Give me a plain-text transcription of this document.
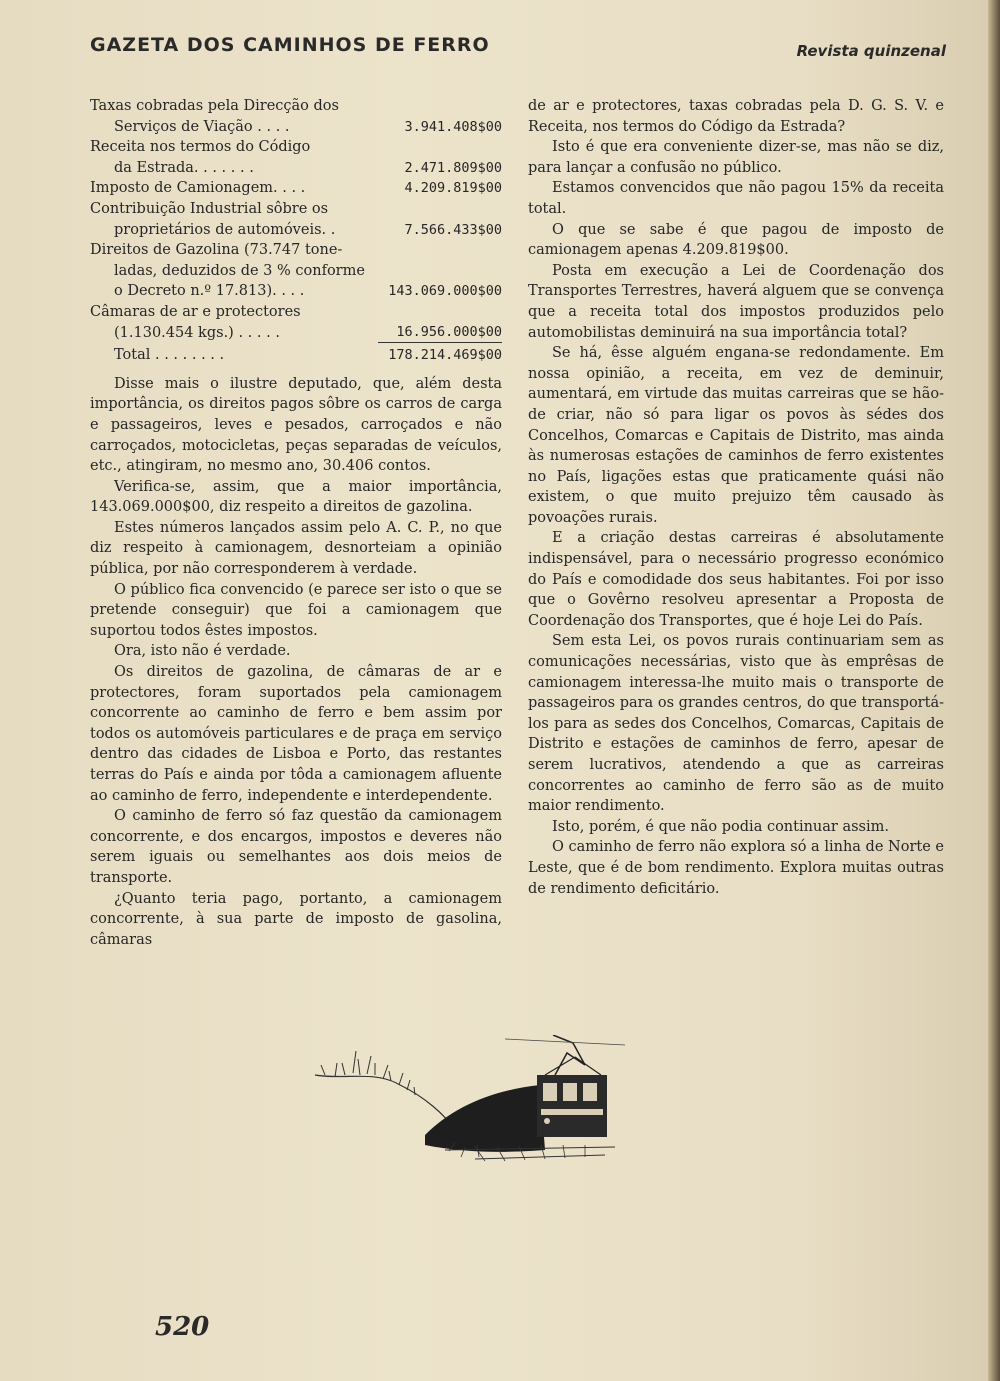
GAZETA DOS CAMINHOS DE FERRO	Revista quinzenal
Taxas cobradas pela Direcção dos
Serviços de Viação . . . .	3.941.408$00
Receita nos termos do Código
da Estrada. . . . . . .	2.471.809$00
Imposto de Camionagem. . . .	4.209.819$00
Contribuição Industrial sôbre os
proprietários de automóveis. .	7.566.433$00
Direitos de Gazolina (73.747 tone-
ladas, deduzidos de 3 % conforme
o Decreto n.º 17.813). . . .	143.069.000$00
Câmaras de ar e protectores
(1.130.454 kgs.) . . . . .	16.956.000$00
Total . . . . . . . .	178.214.469$00

Disse mais o ilustre deputado, que, além desta importância, os direitos pagos sôbre os carros de carga e passageiros, leves e pesados, carroçados e não carroçados, motocicletas, peças separadas de veículos, etc., atingiram, no mesmo ano, 30.406 contos.

Verifica-se, assim, que a maior importância, 143.069.000$00, diz respeito a direitos de gazolina.

Estes números lançados assim pelo A. C. P., no que diz respeito à camionagem, desnorteiam a opinião pública, por não corresponderem à verdade.

O público fica convencido (e parece ser isto o que se pretende conseguir) que foi a camionagem que suportou todos êstes impostos.

Ora, isto não é verdade.

Os direitos de gazolina, de câmaras de ar e protectores, foram suportados pela camionagem concorrente ao caminho de ferro e bem assim por todos os automóveis particulares e de praça em serviço dentro das cidades de Lisboa e Porto, das restantes terras do País e ainda por tôda a camionagem afluente ao caminho de ferro, independente e interdependente.

O caminho de ferro só faz questão da camionagem concorrente, e dos encargos, impostos e deveres não serem iguais ou semelhantes aos dois meios de transporte.

¿Quanto teria pago, portanto, a camionagem concorrente, à sua parte de imposto de gasolina, câmaras

de ar e protectores, taxas cobradas pela D. G. S. V. e Receita, nos termos do Código da Estrada?

Isto é que era conveniente dizer-se, mas não se diz, para lançar a confusão no público.

Estamos convencidos que não pagou 15% da receita total.

O que se sabe é que pagou de imposto de camionagem apenas 4.209.819$00.

Posta em execução a Lei de Coordenação dos Transportes Terrestres, haverá alguem que se convença que a receita total dos impostos produzidos pelo automobilistas deminuirá na sua importância total?

Se há, êsse alguém engana-se redondamente. Em nossa opinião, a receita, em vez de deminuir, aumentará, em virtude das muitas carreiras que se hão-de criar, não só para ligar os povos às sédes dos Concelhos, Comarcas e Capitais de Distrito, mas ainda às numerosas estações de caminhos de ferro existentes no País, ligações estas que praticamente quási não existem, o que muito prejuizo têm causado às povoações rurais.

E a criação destas carreiras é absolutamente indispensável, para o necessário progresso económico do País e comodidade dos seus habitantes. Foi por isso que o Govêrno resolveu apresentar a Proposta de Coordenação dos Transportes, que é hoje Lei do País.

Sem esta Lei, os povos rurais continuariam sem as comunicações necessárias, visto que às emprêsas de camionagem interessa-lhe muito mais o transporte de passageiros para os grandes centros, do que transportá-los para as sedes dos Concelhos, Comarcas, Capitais de Distrito e estações de caminhos de ferro, apesar de serem lucrativos, atendendo a que as carreiras concorrentes ao caminho de ferro são as de muito maior rendimento.

Isto, porém, é que não podia continuar assim.

O caminho de ferro não explora só a linha de Norte e Leste, que é de bom rendimento. Explora muitas outras de rendimento deficitário.

520
